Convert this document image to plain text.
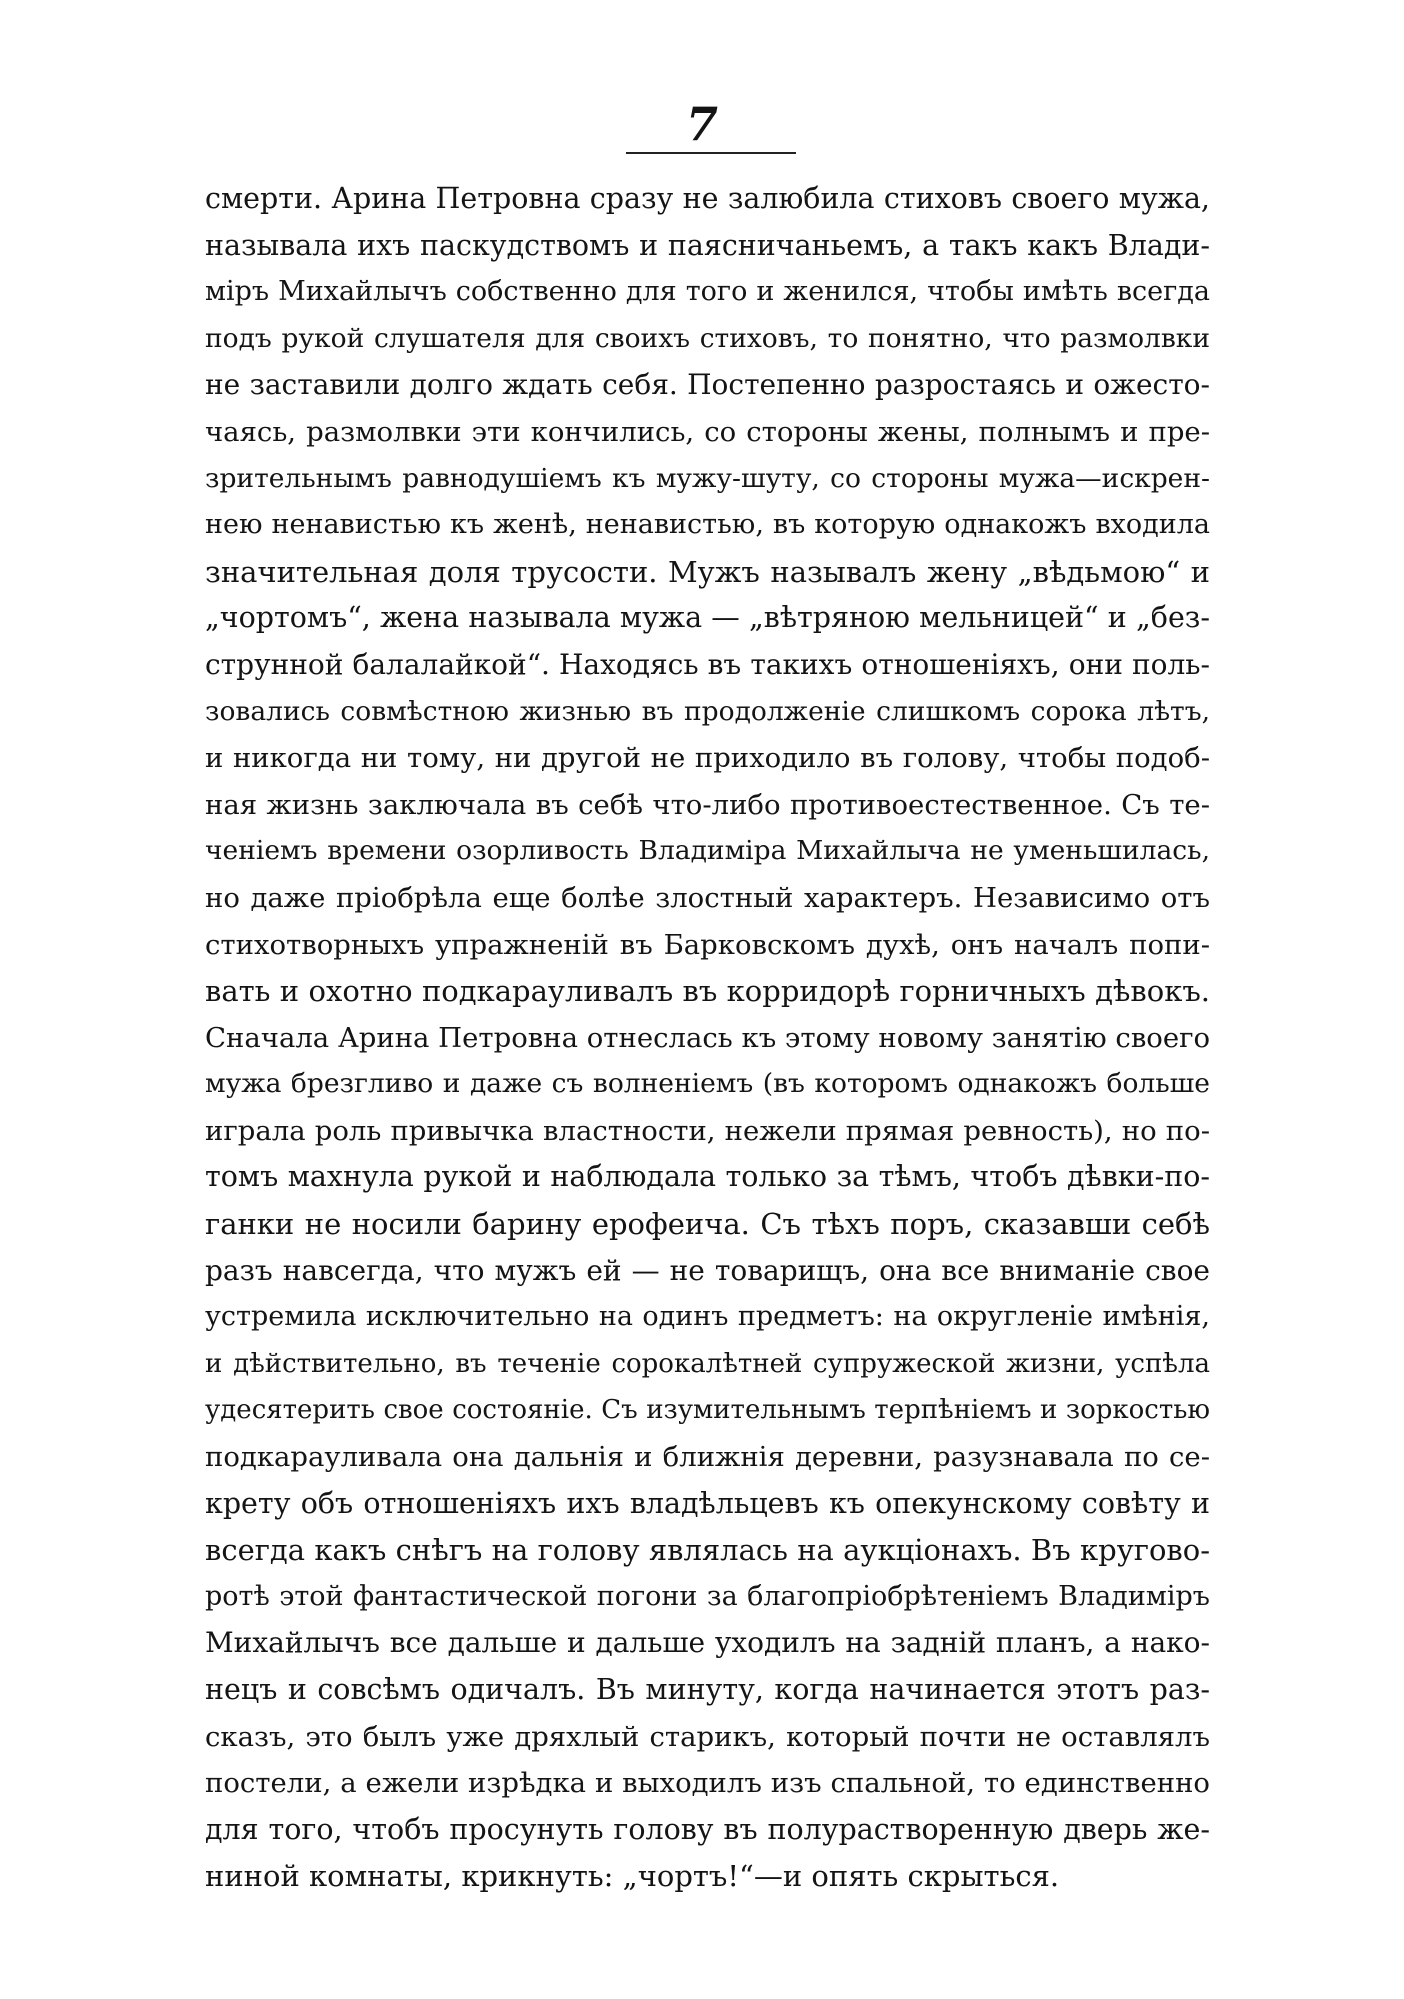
7
смерти. Арина Петровна сразу не залюбила стиховъ своего мужа,
называла ихъ паскудствомъ и паясничаньемъ, а такъ какъ Влади-
міръ Михайлычъ собственно для того и женился, чтобы имѣть всегда
подъ рукой слушателя для своихъ стиховъ, то понятно, что размолвки
не заставили долго ждать себя. Постепенно разростаясь и ожесто-
чаясь, размолвки эти кончились, со стороны жены, полнымъ и пре-
зрительнымъ равнодушіемъ къ мужу-шуту, со стороны мужа—искрен-
нею ненавистью къ женѣ, ненавистью, въ которую однакожъ входила
значительная доля трусости. Мужъ называлъ жену „вѣдьмою“ и
„чортомъ“, жена называла мужа — „вѣтряною мельницей“ и „без-
струнной балалайкой“. Находясь въ такихъ отношеніяхъ, они поль-
зовались совмѣстною жизнью въ продолженіе слишкомъ сорока лѣтъ,
и никогда ни тому, ни другой не приходило въ голову, чтобы подоб-
ная жизнь заключала въ себѣ что-либо противоестественное. Съ те-
ченіемъ времени озорливость Владиміра Михайлыча не уменьшилась,
но даже пріобрѣла еще болѣе злостный характеръ. Независимо отъ
стихотворныхъ упражненій въ Барковскомъ духѣ, онъ началъ попи-
вать и охотно подкарауливалъ въ корридорѣ горничныхъ дѣвокъ.
Сначала Арина Петровна отнеслась къ этому новому занятію своего
мужа брезгливо и даже съ волненіемъ (въ которомъ однакожъ больше
играла роль привычка властности, нежели прямая ревность), но по-
томъ махнула рукой и наблюдала только за тѣмъ, чтобъ дѣвки-по-
ганки не носили барину ерофеича. Съ тѣхъ поръ, сказавши себѣ
разъ навсегда, что мужъ ей — не товарищъ, она все вниманіе свое
устремила исключительно на одинъ предметъ: на округленіе имѣнія,
и дѣйствительно, въ теченіе сорокалѣтней супружеской жизни, успѣла
удесятерить свое состояніе. Съ изумительнымъ терпѣніемъ и зоркостью
подкарауливала она дальнія и ближнія деревни, разузнавала по се-
крету объ отношеніяхъ ихъ владѣльцевъ къ опекунскому совѣту и
всегда какъ снѣгъ на голову являлась на аукціонахъ. Въ кругово-
ротѣ этой фантастической погони за благопріобрѣтеніемъ Владиміръ
Михайлычъ все дальше и дальше уходилъ на задній планъ, а нако-
нецъ и совсѣмъ одичалъ. Въ минуту, когда начинается этотъ раз-
сказъ, это былъ уже дряхлый старикъ, который почти не оставлялъ
постели, а ежели изрѣдка и выходилъ изъ спальной, то единственно
для того, чтобъ просунуть голову въ полурастворенную дверь же-
ниной комнаты, крикнуть: „чортъ!“—и опять скрыться.
